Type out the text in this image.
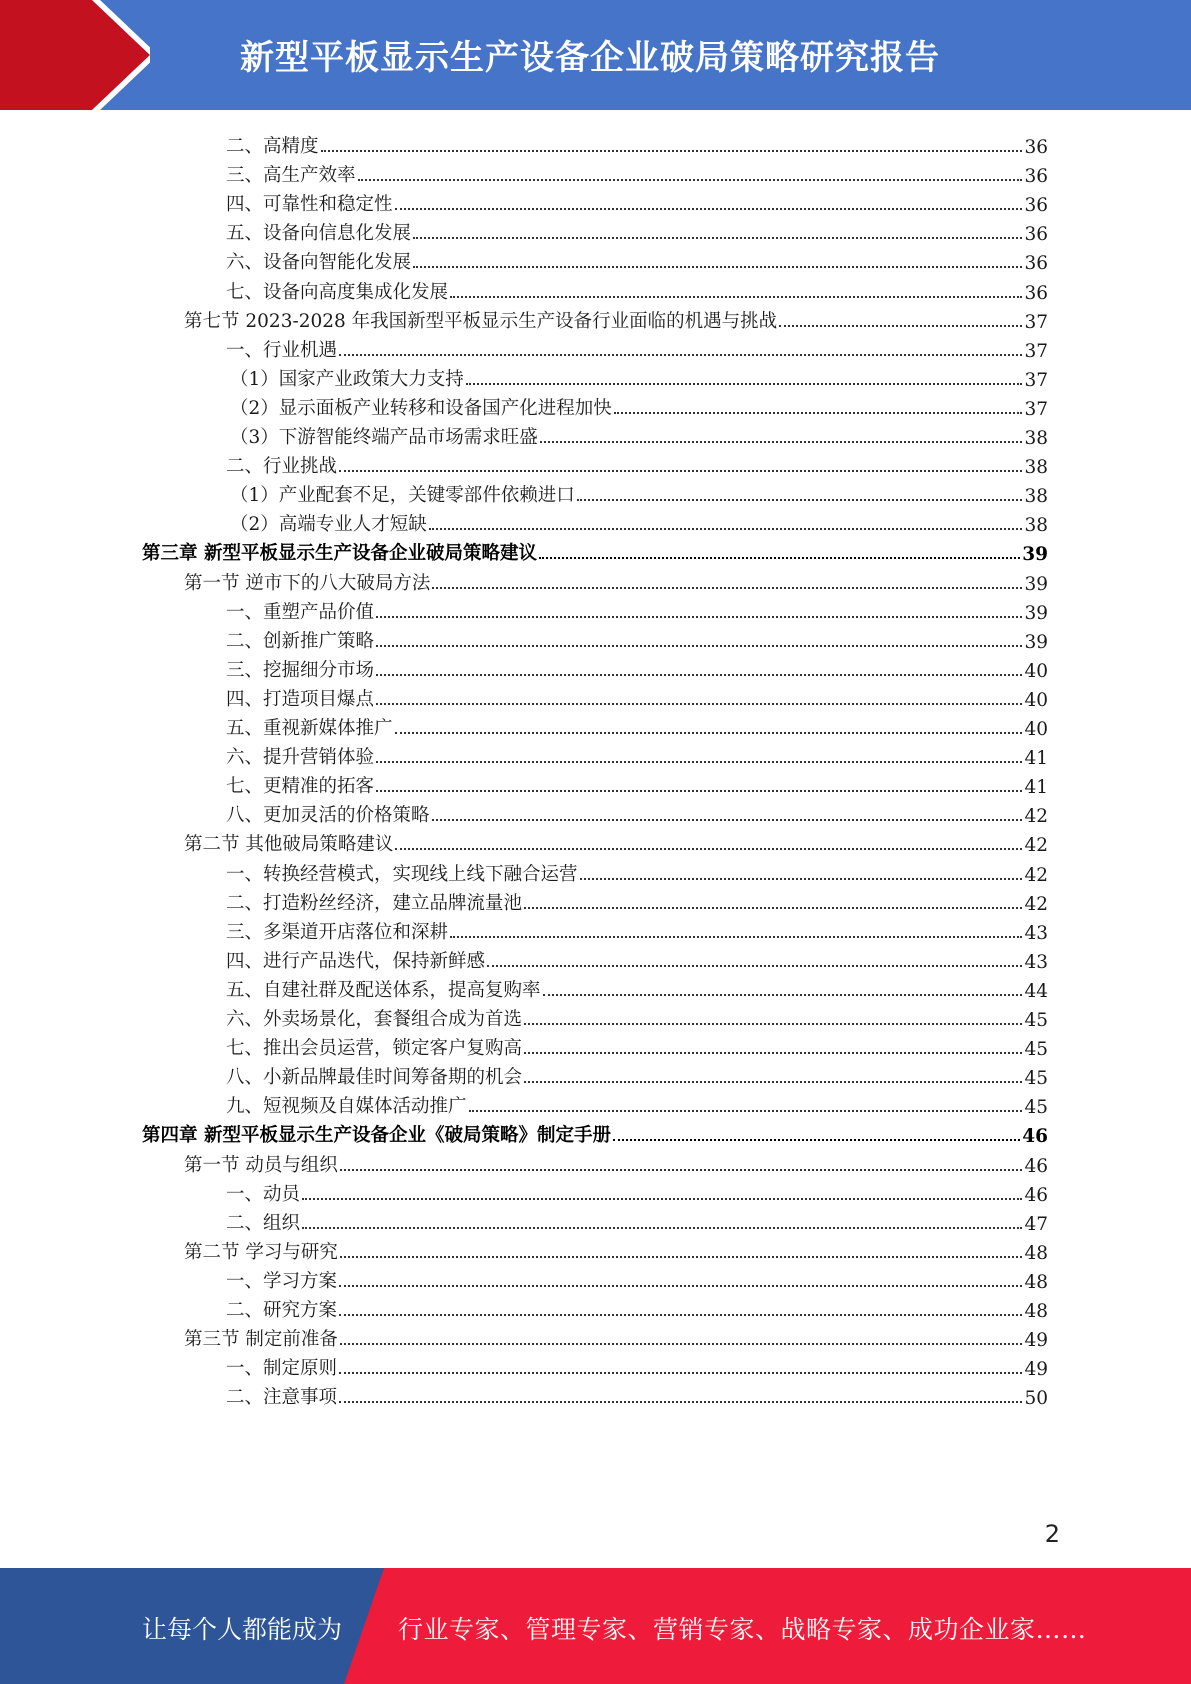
新型平板显示生产设备企业破局策略研究报告
二、高精度	36
三、高生产效率	36
四、可靠性和稳定性	36
五、设备向信息化发展	36
六、设备向智能化发展	36
七、设备向高度集成化发展	36
第七节 2023-2028 年我国新型平板显示生产设备行业面临的机遇与挑战	37
一、行业机遇	37
（1）国家产业政策大力支持	37
（2）显示面板产业转移和设备国产化进程加快	37
（3）下游智能终端产品市场需求旺盛	38
二、行业挑战	38
（1）产业配套不足，关键零部件依赖进口	38
（2）高端专业人才短缺	38
第三章 新型平板显示生产设备企业破局策略建议	39
第一节 逆市下的八大破局方法	39
一、重塑产品价值	39
二、创新推广策略	39
三、挖掘细分市场	40
四、打造项目爆点	40
五、重视新媒体推广	40
六、提升营销体验	41
七、更精准的拓客	41
八、更加灵活的价格策略	42
第二节 其他破局策略建议	42
一、转换经营模式，实现线上线下融合运营	42
二、打造粉丝经济，建立品牌流量池	42
三、多渠道开店落位和深耕	43
四、进行产品迭代，保持新鲜感	43
五、自建社群及配送体系，提高复购率	44
六、外卖场景化，套餐组合成为首选	45
七、推出会员运营，锁定客户复购高	45
八、小新品牌最佳时间筹备期的机会	45
九、短视频及自媒体活动推广	45
第四章 新型平板显示生产设备企业《破局策略》制定手册	46
第一节 动员与组织	46
一、动员	46
二、组织	47
第二节 学习与研究	48
一、学习方案	48
二、研究方案	48
第三节 制定前准备	49
一、制定原则	49
二、注意事项	50
2
让每个人都能成为 行业专家、管理专家、营销专家、战略专家、成功企业家……
